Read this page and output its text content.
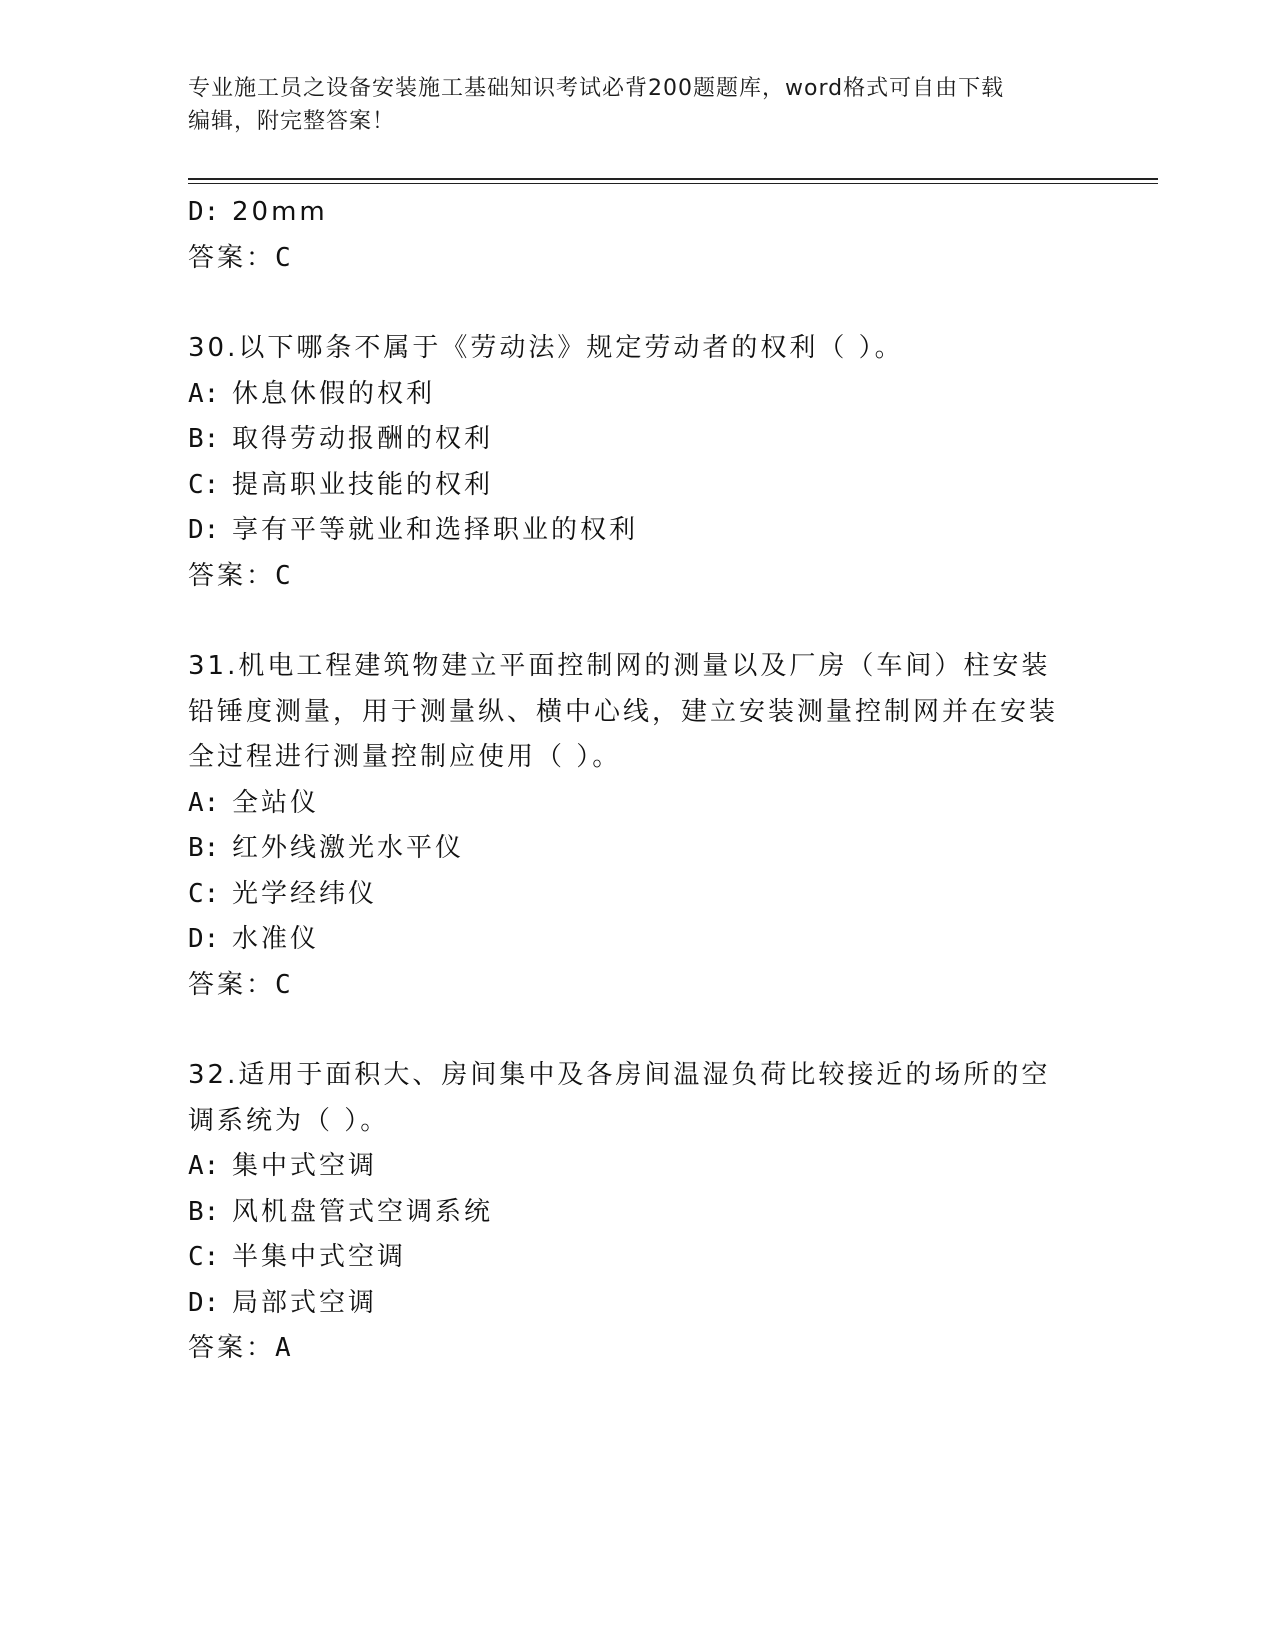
专业施工员之设备安装施工基础知识考试必背200题题库，word格式可自由下载
编辑，附完整答案！
D: 20mm
答案：C
30.以下哪条不属于《劳动法》规定劳动者的权利（ ）。
A: 休息休假的权利
B: 取得劳动报酬的权利
C: 提高职业技能的权利
D: 享有平等就业和选择职业的权利
答案：C
31.机电工程建筑物建立平面控制网的测量以及厂房（车间）柱安装铅锤度测量，用于测量纵、横中心线，建立安装测量控制网并在安装全过程进行测量控制应使用（ ）。
A: 全站仪
B: 红外线激光水平仪
C: 光学经纬仪
D: 水准仪
答案：C
32.适用于面积大、房间集中及各房间温湿负荷比较接近的场所的空调系统为（ ）。
A: 集中式空调
B: 风机盘管式空调系统
C: 半集中式空调
D: 局部式空调
答案：A
